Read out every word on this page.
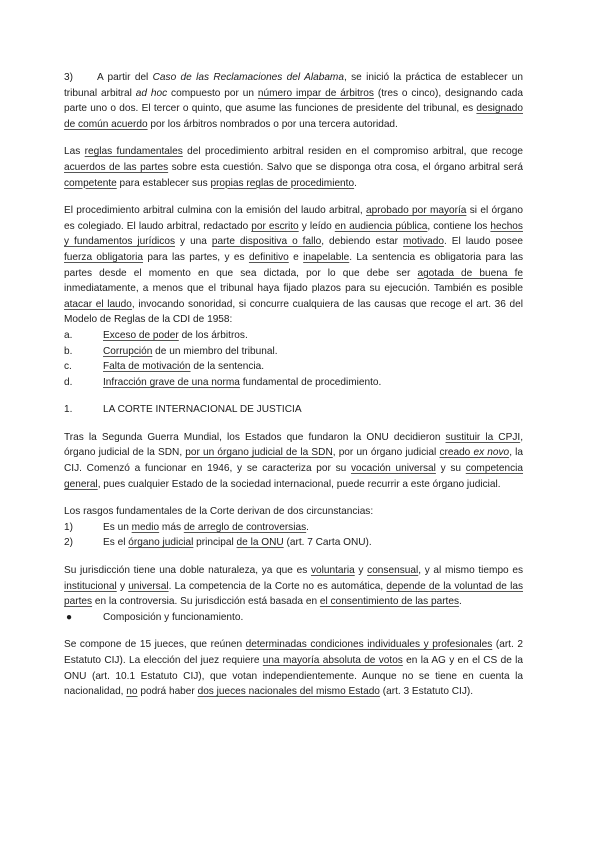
3) A partir del Caso de las Reclamaciones del Alabama, se inició la práctica de establecer un tribunal arbitral ad hoc compuesto por un número impar de árbitros (tres o cinco), designando cada parte uno o dos. El tercer o quinto, que asume las funciones de presidente del tribunal, es designado de común acuerdo por los árbitros nombrados o por una tercera autoridad.

Las reglas fundamentales del procedimiento arbitral residen en el compromiso arbitral, que recoge acuerdos de las partes sobre esta cuestión. Salvo que se disponga otra cosa, el órgano arbitral será competente para establecer sus propias reglas de procedimiento.

El procedimiento arbitral culmina con la emisión del laudo arbitral, aprobado por mayoría si el órgano es colegiado. El laudo arbitral, redactado por escrito y leído en audiencia pública, contiene los hechos y fundamentos jurídicos y una parte dispositiva o fallo, debiendo estar motivado. El laudo posee fuerza obligatoria para las partes, y es definitivo e inapelable. La sentencia es obligatoria para las partes desde el momento en que sea dictada, por lo que debe ser agotada de buena fe inmediatamente, a menos que el tribunal haya fijado plazos para su ejecución. También es posible atacar el laudo, invocando sonoridad, si concurre cualquiera de las causas que recoge el art. 36 del Modelo de Reglas de la CDI de 1958:

a.	Exceso de poder de los árbitros.
b.	Corrupción de un miembro del tribunal.
c.	Falta de motivación de la sentencia.
d.	Infracción grave de una norma fundamental de procedimiento.
1.	LA CORTE INTERNACIONAL DE JUSTICIA

Tras la Segunda Guerra Mundial, los Estados que fundaron la ONU decidieron sustituir la CPJI, órgano judicial de la SDN, por un órgano judicial de la SDN, por un órgano judicial creado ex novo, la CIJ. Comenzó a funcionar en 1946, y se caracteriza por su vocación universal y su competencia general, pues cualquier Estado de la sociedad internacional, puede recurrir a este órgano judicial.

Los rasgos fundamentales de la Corte derivan de dos circunstancias:

1)	Es un medio más de arreglo de controversias.
2)	Es el órgano judicial principal de la ONU (art. 7 Carta ONU).

Su jurisdicción tiene una doble naturaleza, ya que es voluntaria y consensual, y al mismo tiempo es institucional y universal. La competencia de la Corte no es automática, depende de la voluntad de las partes en la controversia. Su jurisdicción está basada en el consentimiento de las partes.

●	Composición y funcionamiento.

Se compone de 15 jueces, que reúnen determinadas condiciones individuales y profesionales (art. 2 Estatuto CIJ). La elección del juez requiere una mayoría absoluta de votos en la AG y en el CS de la ONU (art. 10.1 Estatuto CIJ), que votan independientemente. Aunque no se tiene en cuenta la nacionalidad, no podrá haber dos jueces nacionales del mismo Estado (art. 3 Estatuto CIJ).
